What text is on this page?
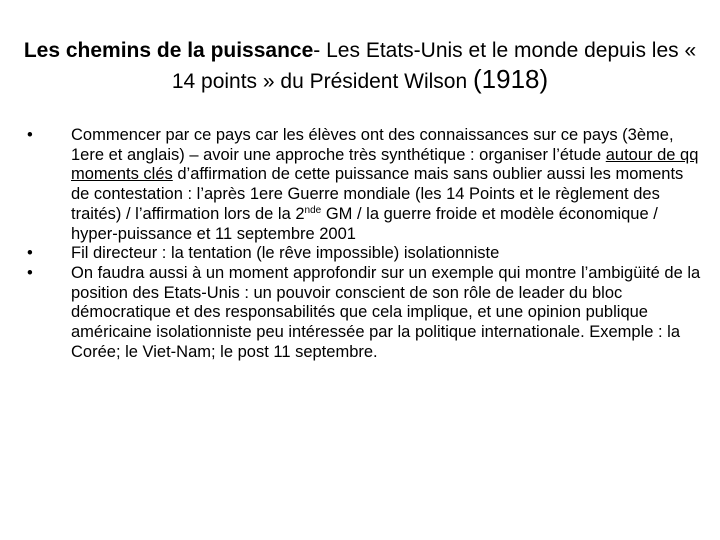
Les chemins de la puissance- Les Etats-Unis et le monde depuis les « 14 points » du Président Wilson (1918)
• Commencer par ce pays car les élèves ont des connaissances sur ce pays (3ème, 1ere et anglais) – avoir une approche très synthétique : organiser l’étude autour de qq moments clés d’affirmation de cette puissance mais sans oublier aussi les moments de contestation : l’après 1ere Guerre mondiale (les 14 Points et le règlement des traités) / l’affirmation lors de la 2nde GM / la guerre froide et modèle économique / hyper-puissance et 11 septembre 2001
• Fil directeur : la tentation (le rêve impossible) isolationniste
• On faudra aussi à un moment approfondir sur un exemple qui montre l’ambigüité de la position des Etats-Unis : un pouvoir conscient de son rôle de leader du bloc démocratique et des responsabilités que cela implique, et une opinion publique américaine isolationniste peu intéressée par la politique internationale. Exemple : la Corée; le Viet-Nam; le post 11 septembre.
